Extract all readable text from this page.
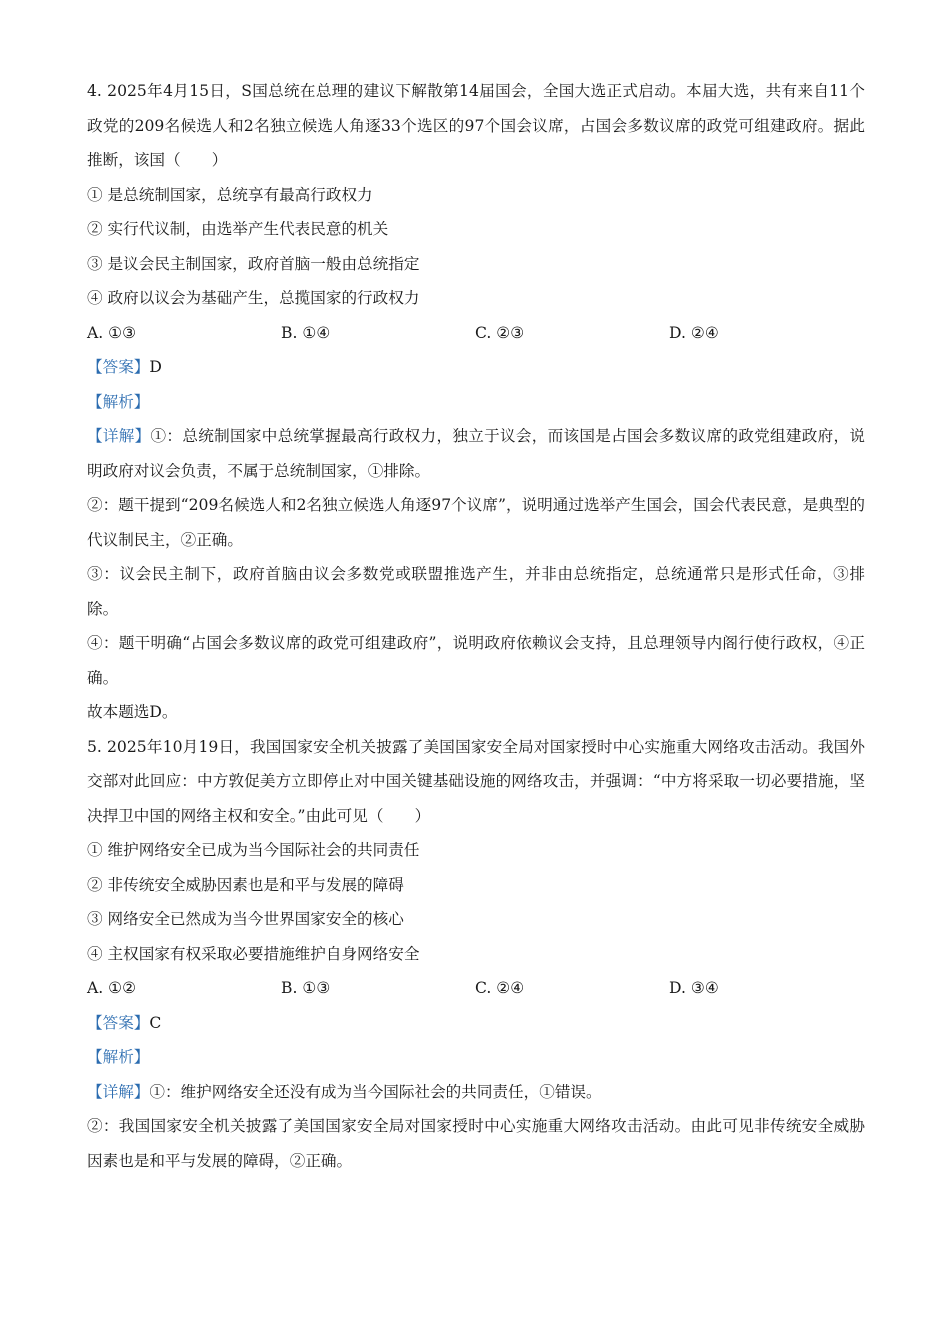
4. 2025年4月15日，S国总统在总理的建议下解散第14届国会，全国大选正式启动。本届大选，共有来自11个政党的209名候选人和2名独立候选人角逐33个选区的97个国会议席，占国会多数议席的政党可组建政府。据此推断，该国（　　）
① 是总统制国家，总统享有最高行政权力
② 实行代议制，由选举产生代表民意的机关
③ 是议会民主制国家，政府首脑一般由总统指定
④ 政府以议会为基础产生，总揽国家的行政权力
A. ①③	B. ①④	C. ②③	D. ②④
【答案】D
【解析】
【详解】①：总统制国家中总统掌握最高行政权力，独立于议会，而该国是占国会多数议席的政党组建政府，说明政府对议会负责，不属于总统制国家，①排除。
②：题干提到“209名候选人和2名独立候选人角逐97个议席”，说明通过选举产生国会，国会代表民意，是典型的代议制民主，②正确。
③：议会民主制下，政府首脑由议会多数党或联盟推选产生，并非由总统指定，总统通常只是形式任命，③排除。
④：题干明确“占国会多数议席的政党可组建政府”，说明政府依赖议会支持，且总理领导内阁行使行政权，④正确。
故本题选D。
5. 2025年10月19日，我国国家安全机关披露了美国国家安全局对国家授时中心实施重大网络攻击活动。我国外交部对此回应：中方敦促美方立即停止对中国关键基础设施的网络攻击，并强调：“中方将采取一切必要措施，坚决捍卫中国的网络主权和安全。”由此可见（　　）
① 维护网络安全已成为当今国际社会的共同责任
② 非传统安全威胁因素也是和平与发展的障碍
③ 网络安全已然成为当今世界国家安全的核心
④ 主权国家有权采取必要措施维护自身网络安全
A. ①②	B. ①③	C. ②④	D. ③④
【答案】C
【解析】
【详解】①：维护网络安全还没有成为当今国际社会的共同责任，①错误。
②：我国国家安全机关披露了美国国家安全局对国家授时中心实施重大网络攻击活动。由此可见非传统安全威胁因素也是和平与发展的障碍，②正确。
